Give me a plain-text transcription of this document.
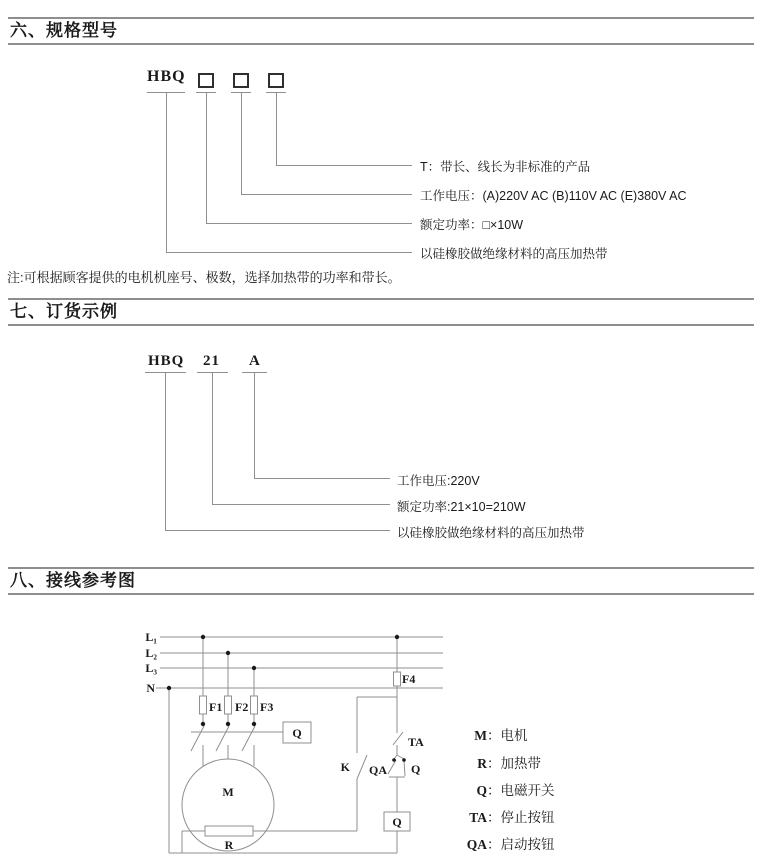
六、规格型号
HBQ
T：带长、线长为非标准的产品
工作电压：(A)220V AC (B)110V AC (E)380V AC
额定功率：□×10W
以硅橡胶做绝缘材料的高压加热带
注:可根据顾客提供的电机机座号、极数，选择加热带的功率和带长。
七、订货示例
HBQ 21 A
工作电压:220V
额定功率:21×10=210W
以硅橡胶做绝缘材料的高压加热带
八、接线参考图
L₁
L₂
L₃
N
F1 F2 F3
F4
Q
M
R
K
TA
QA Q
Q
M：电机
R：加热带
Q：电磁开关
TA：停止按钮
QA：启动按钮
